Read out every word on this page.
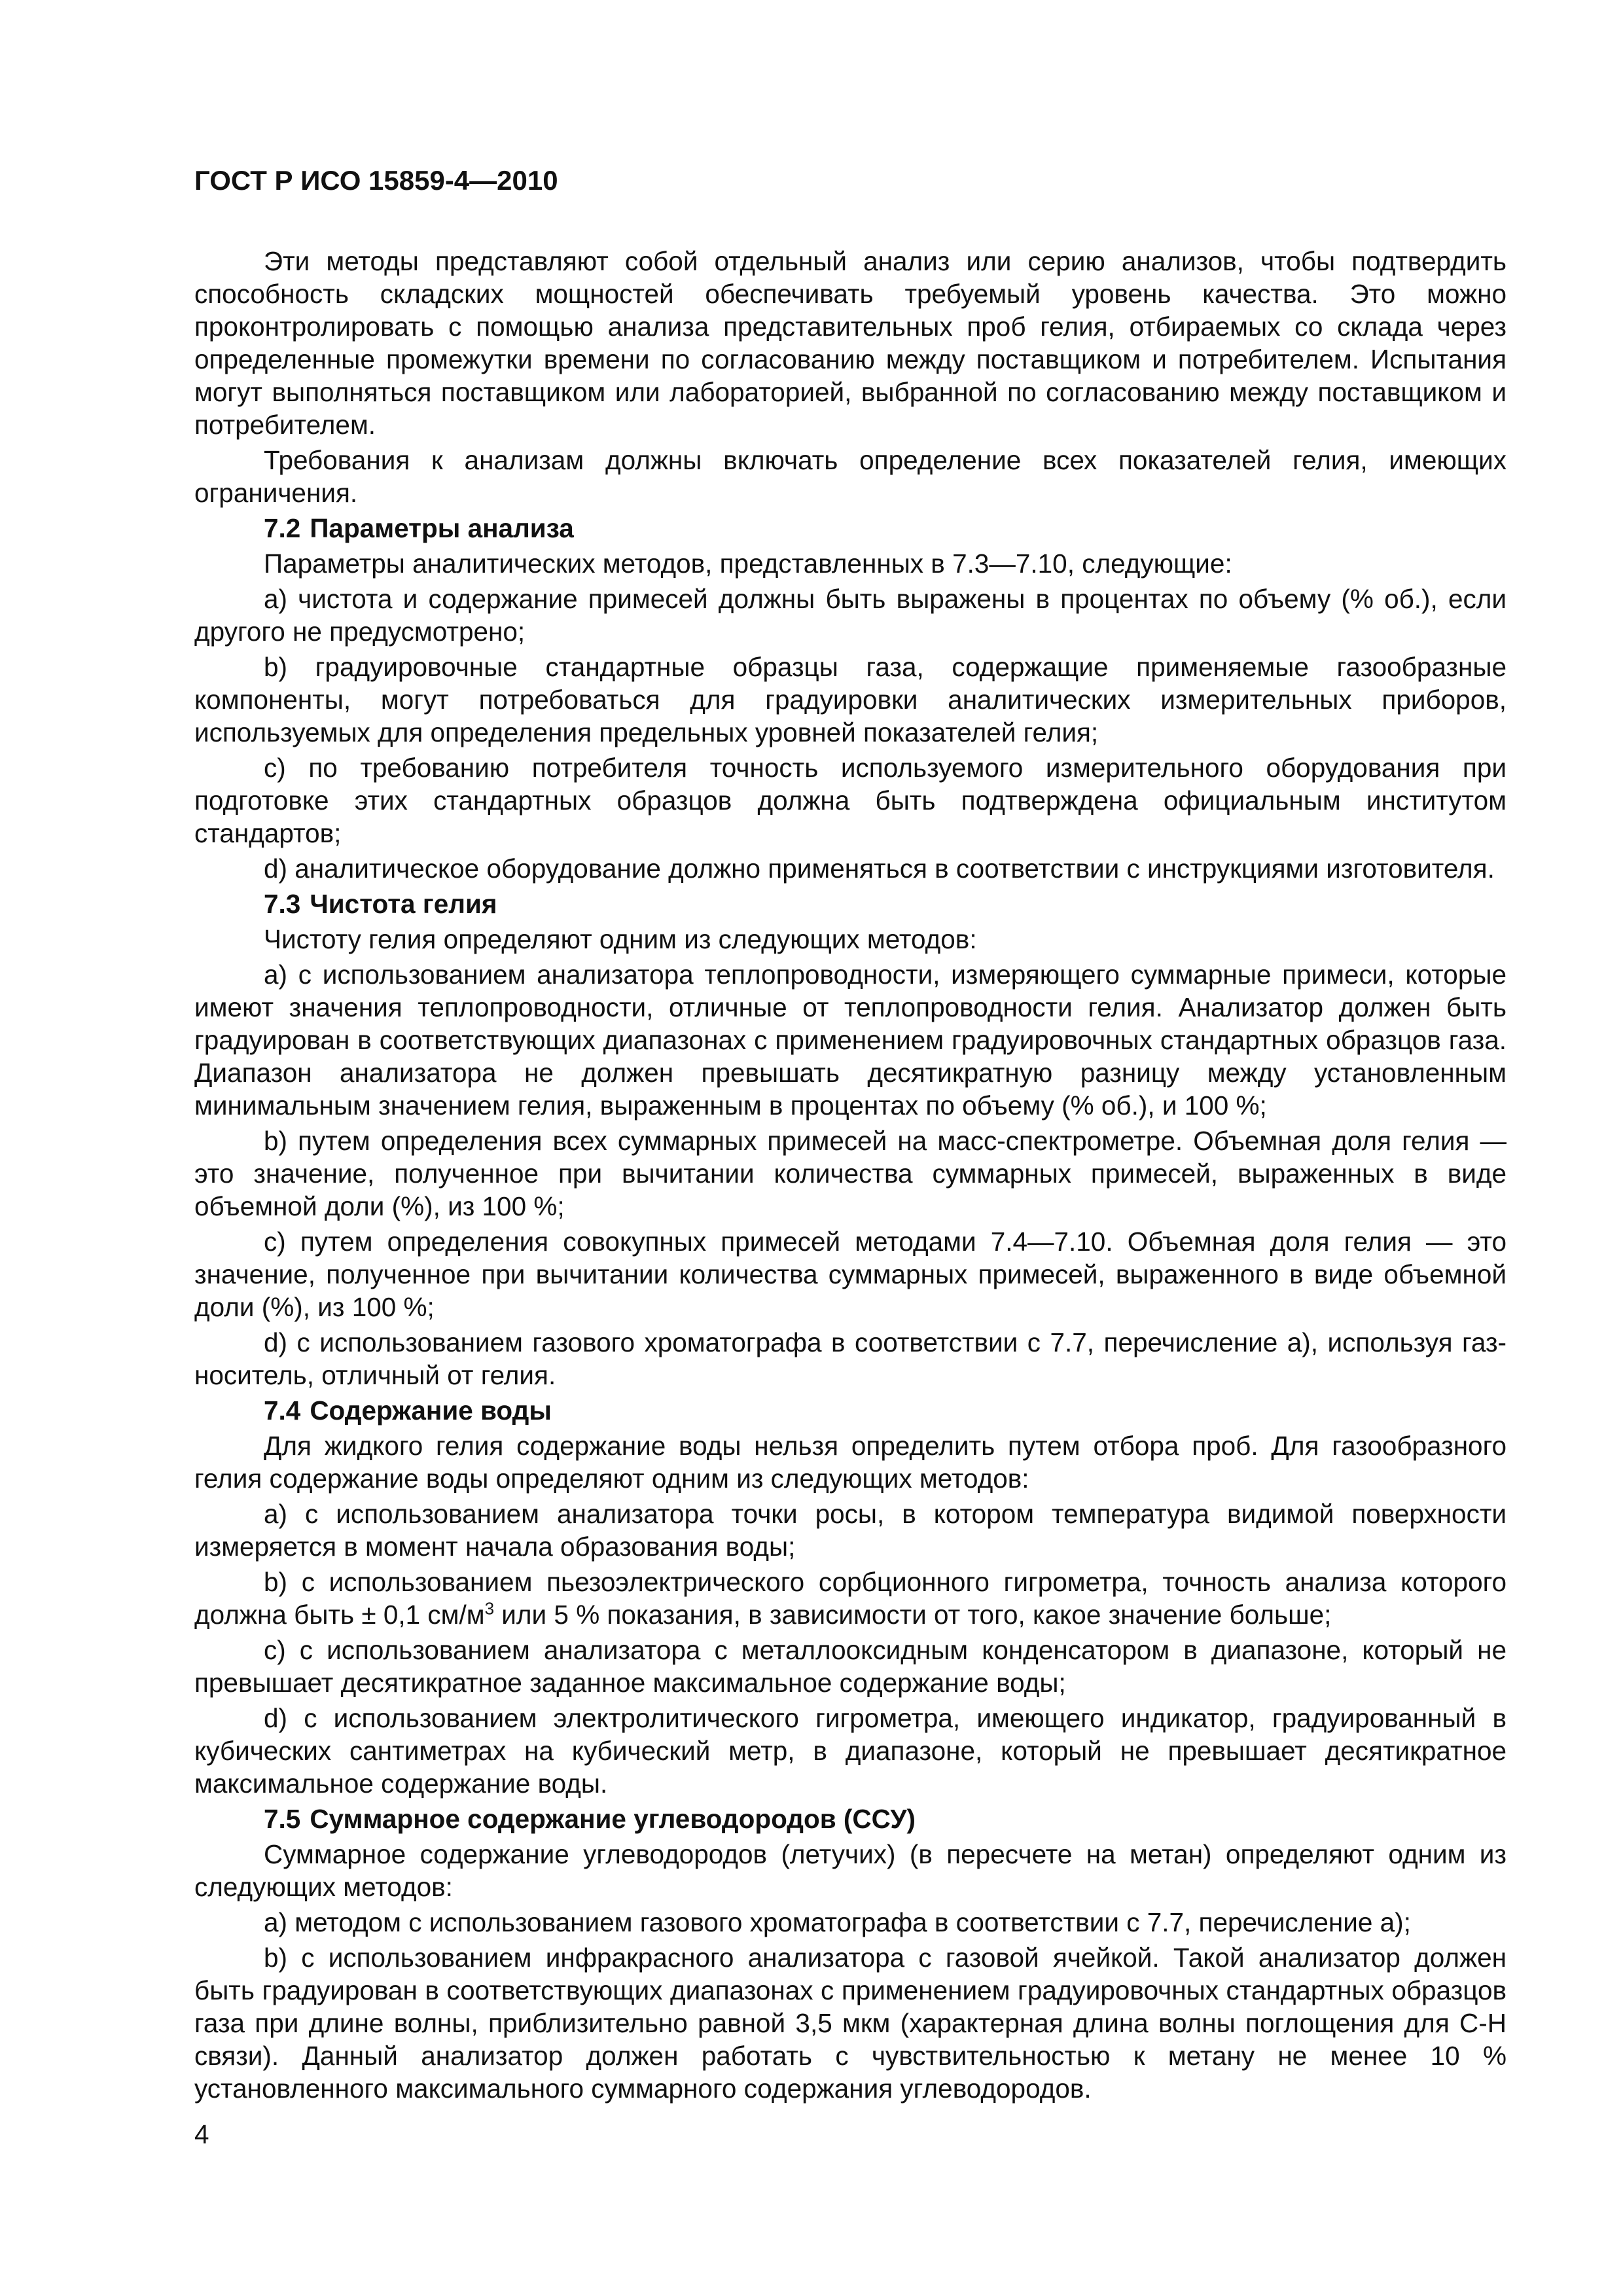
ГОСТ Р ИСО 15859-4—2010

Эти методы представляют собой отдельный анализ или серию анализов, чтобы подтвердить способность складских мощностей обеспечивать требуемый уровень качества. Это можно проконтролировать с помощью анализа представительных проб гелия, отбираемых со склада через определенные промежутки времени по согласованию между поставщиком и потребителем. Испытания могут выполняться поставщиком или лабораторией, выбранной по согласованию между поставщиком и потребителем.

Требования к анализам должны включать определение всех показателей гелия, имеющих ограничения.

7.2 Параметры анализа

Параметры аналитических методов, представленных в 7.3—7.10, следующие:

a) чистота и содержание примесей должны быть выражены в процентах по объему (% об.), если другого не предусмотрено;

b) градуировочные стандартные образцы газа, содержащие применяемые газообразные компоненты, могут потребоваться для градуировки аналитических измерительных приборов, используемых для определения предельных уровней показателей гелия;

c) по требованию потребителя точность используемого измерительного оборудования при подготовке этих стандартных образцов должна быть подтверждена официальным институтом стандартов;

d) аналитическое оборудование должно применяться в соответствии с инструкциями изготовителя.

7.3 Чистота гелия

Чистоту гелия определяют одним из следующих методов:

a) с использованием анализатора теплопроводности, измеряющего суммарные примеси, которые имеют значения теплопроводности, отличные от теплопроводности гелия. Анализатор должен быть градуирован в соответствующих диапазонах с применением градуировочных стандартных образцов газа. Диапазон анализатора не должен превышать десятикратную разницу между установленным минимальным значением гелия, выраженным в процентах по объему (% об.), и 100 %;

b) путем определения всех суммарных примесей на масс-спектрометре. Объемная доля гелия — это значение, полученное при вычитании количества суммарных примесей, выраженных в виде объемной доли (%), из 100 %;

c) путем определения совокупных примесей методами 7.4—7.10. Объемная доля гелия — это значение, полученное при вычитании количества суммарных примесей, выраженного в виде объемной доли (%), из 100 %;

d) с использованием газового хроматографа в соответствии с 7.7, перечисление а), используя газ-носитель, отличный от гелия.

7.4 Содержание воды

Для жидкого гелия содержание воды нельзя определить путем отбора проб. Для газообразного гелия содержание воды определяют одним из следующих методов:

a) с использованием анализатора точки росы, в котором температура видимой поверхности измеряется в момент начала образования воды;

b) с использованием пьезоэлектрического сорбционного гигрометра, точность анализа которого должна быть ± 0,1 $см/м^3$ или 5 % показания, в зависимости от того, какое значение больше;

c) с использованием анализатора с металлооксидным конденсатором в диапазоне, который не превышает десятикратное заданное максимальное содержание воды;

d) с использованием электролитического гигрометра, имеющего индикатор, градуированный в кубических сантиметрах на кубический метр, в диапазоне, который не превышает десятикратное максимальное содержание воды.

7.5 Суммарное содержание углеводородов (ССУ)

Суммарное содержание углеводородов (летучих) (в пересчете на метан) определяют одним из следующих методов:

a) методом с использованием газового хроматографа в соответствии с 7.7, перечисление а);

b) с использованием инфракрасного анализатора с газовой ячейкой. Такой анализатор должен быть градуирован в соответствующих диапазонах с применением градуировочных стандартных образцов газа при длине волны, приблизительно равной 3,5 мкм (характерная длина волны поглощения для С-Н связи). Данный анализатор должен работать с чувствительностью к метану не менее 10 % установленного максимального суммарного содержания углеводородов.

4
